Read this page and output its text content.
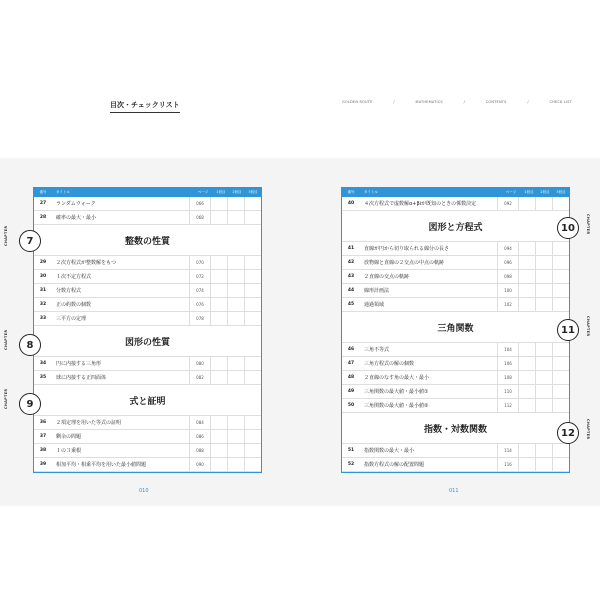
目次・チェックリスト	GOLDEN ROUTE	/	MATHEMATICS	/	CONTENTS	/	CHECK LIST
番号	タイトル	ページ	1回目	2回目	3回目
27	ランダムウォーク	066
28	確率の最大・最小	068
整数の性質
29	２次方程式が整数解をもつ	070
30	１次不定方程式	072
31	分数方程式	074
32	正の約数の個数	076
33	三平方の定理	078
図形の性質
34	円に内接する三角形	080
35	球に内接する正四面体	082
式と証明
36	２項定理を用いた等式の証明	084
37	剰余の問題	086
38	１の３乗根	088
39	相加平均・相乗平均を用いた最小値問題	090
番号	タイトル	ページ	1回目	2回目	3回目
40	４次方程式で虚数解α+βiが既知のときの係数決定	092
図形と方程式
41	直線が円から切り取られる線分の長さ	094
42	放物線と直線の２交点の中点の軌跡	096
43	２直線の交点の軌跡	098
44	線形計画法	100
45	通過領域	102
三角関数
46	三角不等式	104
47	三角方程式の解の個数	106
48	２直線のなす角の最大・最小	108
49	三角関数の最大値・最小値①	110
50	三角関数の最大値・最小値②	112
指数・対数関数
51	指数関数の最大・最小	114
52	指数方程式の解の配置問題	116
7
CHAPTER
8
CHAPTER
9
CHAPTER
10	CHAPTER
11	CHAPTER
12	CHAPTER
010	011
